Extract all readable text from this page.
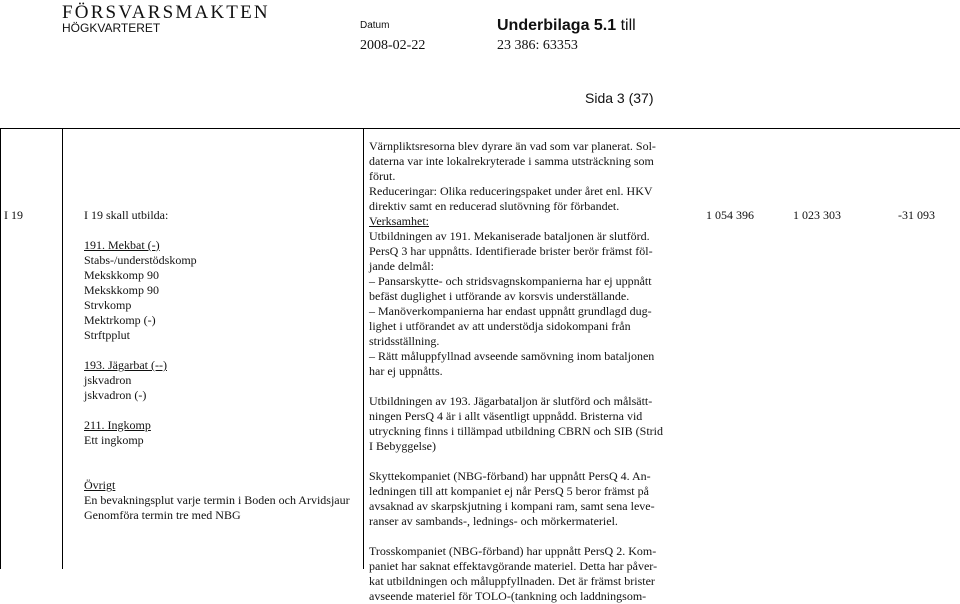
FÖRSVARSMAKTEN
HÖGKVARTERET	Datum
2008-02-22
Underbilaga 5.1 till
23 386: 63353
Sida 3 (37)
I 19	I 19 skall utbilda:

191. Mekbat (-)

Stabs-/understödskomp

Mekskkomp 90

Mekskkomp 90

Strvkomp

Mektrkomp (-)

Strftpplut

193. Jägarbat (--)

jskvadron

jskvadron (-)

211. Ingkomp

Ett ingkomp

Övrigt

En bevakningsplut varje termin i Boden och Arvidsjaur

Genomföra termin tre med NBG

Värnpliktsresorna blev dyrare än vad som var planerat. Sol-

daterna var inte lokalrekryterade i samma utsträckning som

förut.

Reduceringar: Olika reduceringspaket under året enl. HKV

direktiv samt en reducerad slutövning för förbandet.

Verksamhet:

Utbildningen av 191. Mekaniserade bataljonen är slutförd.

PersQ 3 har uppnåtts. Identifierade brister berör främst föl-

jande delmål:

– Pansarskytte- och stridsvagnskompanierna har ej uppnått

befäst duglighet i utförande av korsvis underställande.

– Manöverkompanierna har endast uppnått grundlagd dug-

lighet i utförandet av att understödja sidokompani från

stridsställning.

– Rätt måluppfyllnad avseende samövning inom bataljonen

har ej uppnåtts.

Utbildningen av 193. Jägarbataljon är slutförd och målsätt-

ningen PersQ 4 är i allt väsentligt uppnådd. Bristerna vid

utryckning finns i tillämpad utbildning CBRN och SIB (Strid

I Bebyggelse)

Skyttekompaniet (NBG-förband) har uppnått PersQ 4. An-

ledningen till att kompaniet ej når PersQ 5 beror främst på

avsaknad av skarpskjutning i kompani ram, samt sena leve-

ranser av sambands-, lednings- och mörkermateriel.

Trosskompaniet (NBG-förband) har uppnått PersQ 2. Kom-

paniet har saknat effektavgörande materiel. Detta har påver-

kat utbildningen och måluppfyllnaden. Det är främst brister

avseende materiel för TOLO-(tankning och laddningsom-

1 054 396	1 023 303	-31 093
